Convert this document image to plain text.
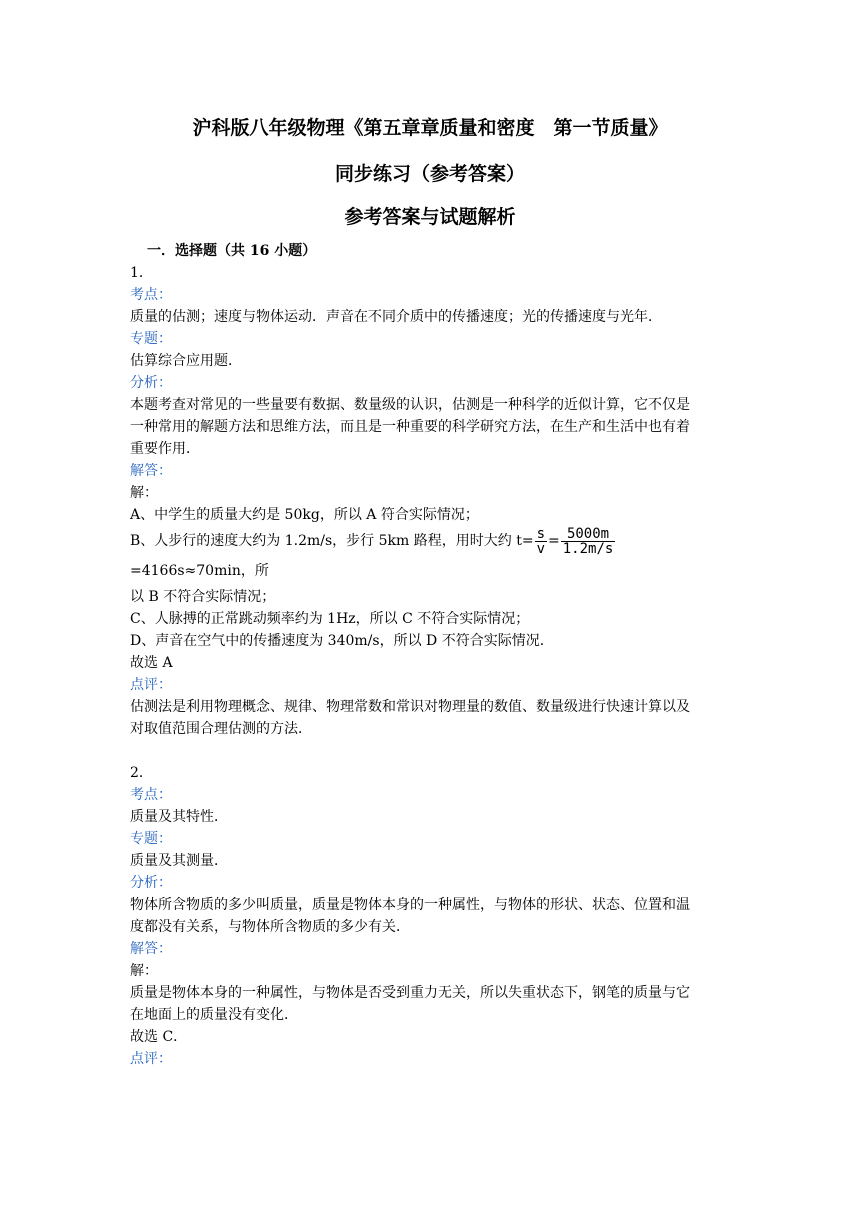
沪科版八年级物理《第五章章质量和密度　第一节质量》
同步练习（参考答案）
参考答案与试题解析
一．选择题（共 16 小题）
1．
考点：
质量的估测；速度与物体运动．声音在不同介质中的传播速度；光的传播速度与光年．
专题：
估算综合应用题．
分析：
本题考查对常见的一些量要有数据、数量级的认识，估测是一种科学的近似计算，它不仅是
一种常用的解题方法和思维方法，而且是一种重要的科学研究方法，在生产和生活中也有着
重要作用．
解答：
解：
A、中学生的质量大约是 50kg，所以 A 符合实际情况；
B、人步行的速度大约为 1.2m/s，步行 5km 路程，用时大约 $t= \frac{s}{v} = \frac{5000m}{1.2m/s}$
=4166s≈70min，所
以 B 不符合实际情况；
C、人脉搏的正常跳动频率约为 1Hz，所以 C 不符合实际情况；
D、声音在空气中的传播速度为 340m/s，所以 D 不符合实际情况．
故选 A
点评：
估测法是利用物理概念、规律、物理常数和常识对物理量的数值、数量级进行快速计算以及
对取值范围合理估测的方法．
2．
考点：
质量及其特性．
专题：
质量及其测量．
分析：
物体所含物质的多少叫质量，质量是物体本身的一种属性，与物体的形状、状态、位置和温
度都没有关系，与物体所含物质的多少有关．
解答：
解：
质量是物体本身的一种属性，与物体是否受到重力无关，所以失重状态下，钢笔的质量与它
在地面上的质量没有变化．
故选 C．
点评：
